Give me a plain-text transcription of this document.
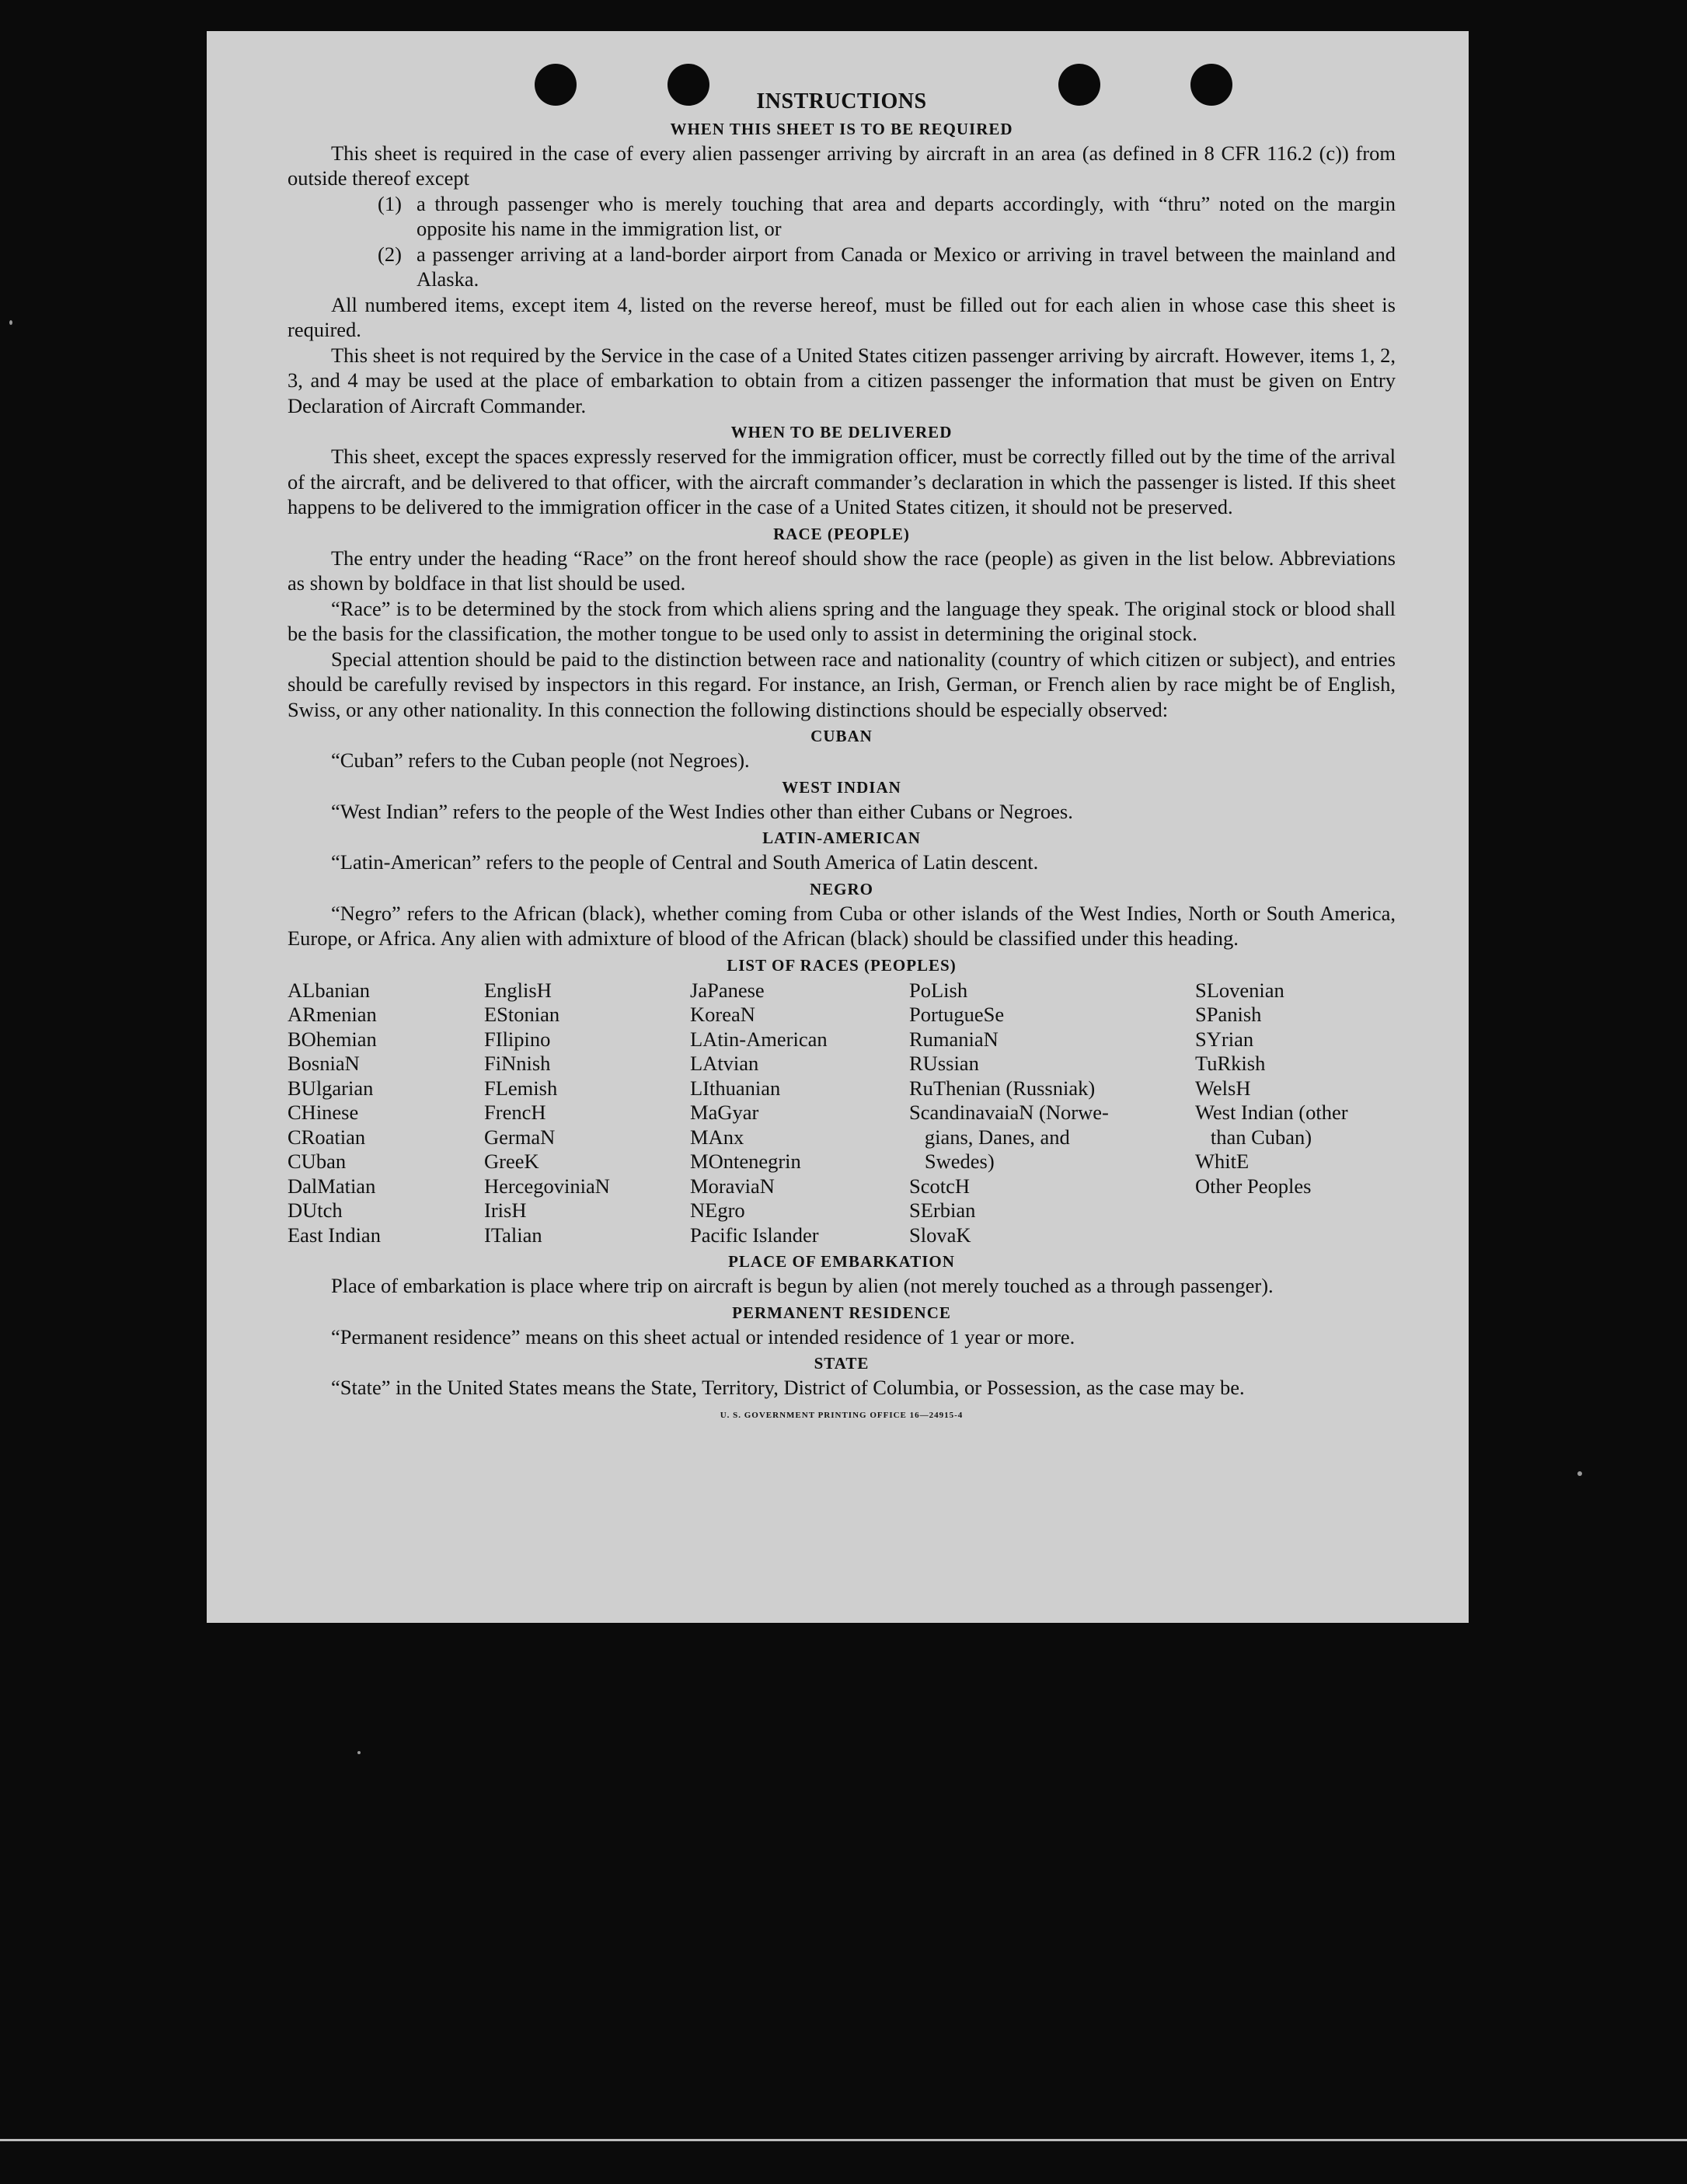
INSTRUCTIONS
WHEN THIS SHEET IS TO BE REQUIRED

This sheet is required in the case of every alien passenger arriving by aircraft in an area (as defined in 8 CFR 116.2 (c)) from outside thereof except

(1) a through passenger who is merely touching that area and departs accordingly, with “thru” noted on the margin opposite his name in the immigration list, or
(2) a passenger arriving at a land-border airport from Canada or Mexico or arriving in travel between the mainland and Alaska.

All numbered items, except item 4, listed on the reverse hereof, must be filled out for each alien in whose case this sheet is required.

This sheet is not required by the Service in the case of a United States citizen passenger arriving by aircraft. However, items 1, 2, 3, and 4 may be used at the place of embarkation to obtain from a citizen passenger the information that must be given on Entry Declaration of Aircraft Commander.

WHEN TO BE DELIVERED

This sheet, except the spaces expressly reserved for the immigration officer, must be correctly filled out by the time of the arrival of the aircraft, and be delivered to that officer, with the aircraft commander’s declaration in which the passenger is listed. If this sheet happens to be delivered to the immigration officer in the case of a United States citizen, it should not be preserved.

RACE (PEOPLE)

The entry under the heading “Race” on the front hereof should show the race (people) as given in the list below. Abbreviations as shown by boldface in that list should be used.

“Race” is to be determined by the stock from which aliens spring and the language they speak. The original stock or blood shall be the basis for the classification, the mother tongue to be used only to assist in determining the original stock.

Special attention should be paid to the distinction between race and nationality (country of which citizen or subject), and entries should be carefully revised by inspectors in this regard. For instance, an Irish, German, or French alien by race might be of English, Swiss, or any other nationality. In this connection the following distinctions should be especially observed:

CUBAN

“Cuban” refers to the Cuban people (not Negroes).

WEST INDIAN

“West Indian” refers to the people of the West Indies other than either Cubans or Negroes.

LATIN-AMERICAN

“Latin-American” refers to the people of Central and South America of Latin descent.

NEGRO

“Negro” refers to the African (black), whether coming from Cuba or other islands of the West Indies, North or South America, Europe, or Africa. Any alien with admixture of blood of the African (black) should be classified under this heading.

LIST OF RACES (PEOPLES)
ALbanian
ARmenian
BOhemian
BosniaN
BUlgarian
CHinese
CRoatian
CUban
DalMatian
DUtch
East Indian
EnglisH
EStonian
FIlipino
FiNnish
FLemish
FrencH
GermaN
GreeK
HercegoviniaN
IrisH
ITalian
JaPanese
KoreaN
LAtin-American
LAtvian
LIthuanian
MaGyar
MAnx
MOntenegrin
MoraviaN
NEgro
Pacific Islander
PoLish
PortugueSe
RumaniaN
RUssian
RuThenian (Russniak)
ScandinavaiaN (Norwe-
gians, Danes, and
Swedes)
ScotcH
SErbian
SlovaK
SLovenian
SPanish
SYrian
TuRkish
WelsH
West Indian (other
than Cuban)
WhitE
Other Peoples
PLACE OF EMBARKATION

Place of embarkation is place where trip on aircraft is begun by alien (not merely touched as a through passenger).

PERMANENT RESIDENCE

“Permanent residence” means on this sheet actual or intended residence of 1 year or more.

STATE

“State” in the United States means the State, Territory, District of Columbia, or Possession, as the case may be.

U. S. GOVERNMENT PRINTING OFFICE 16—24915-4
